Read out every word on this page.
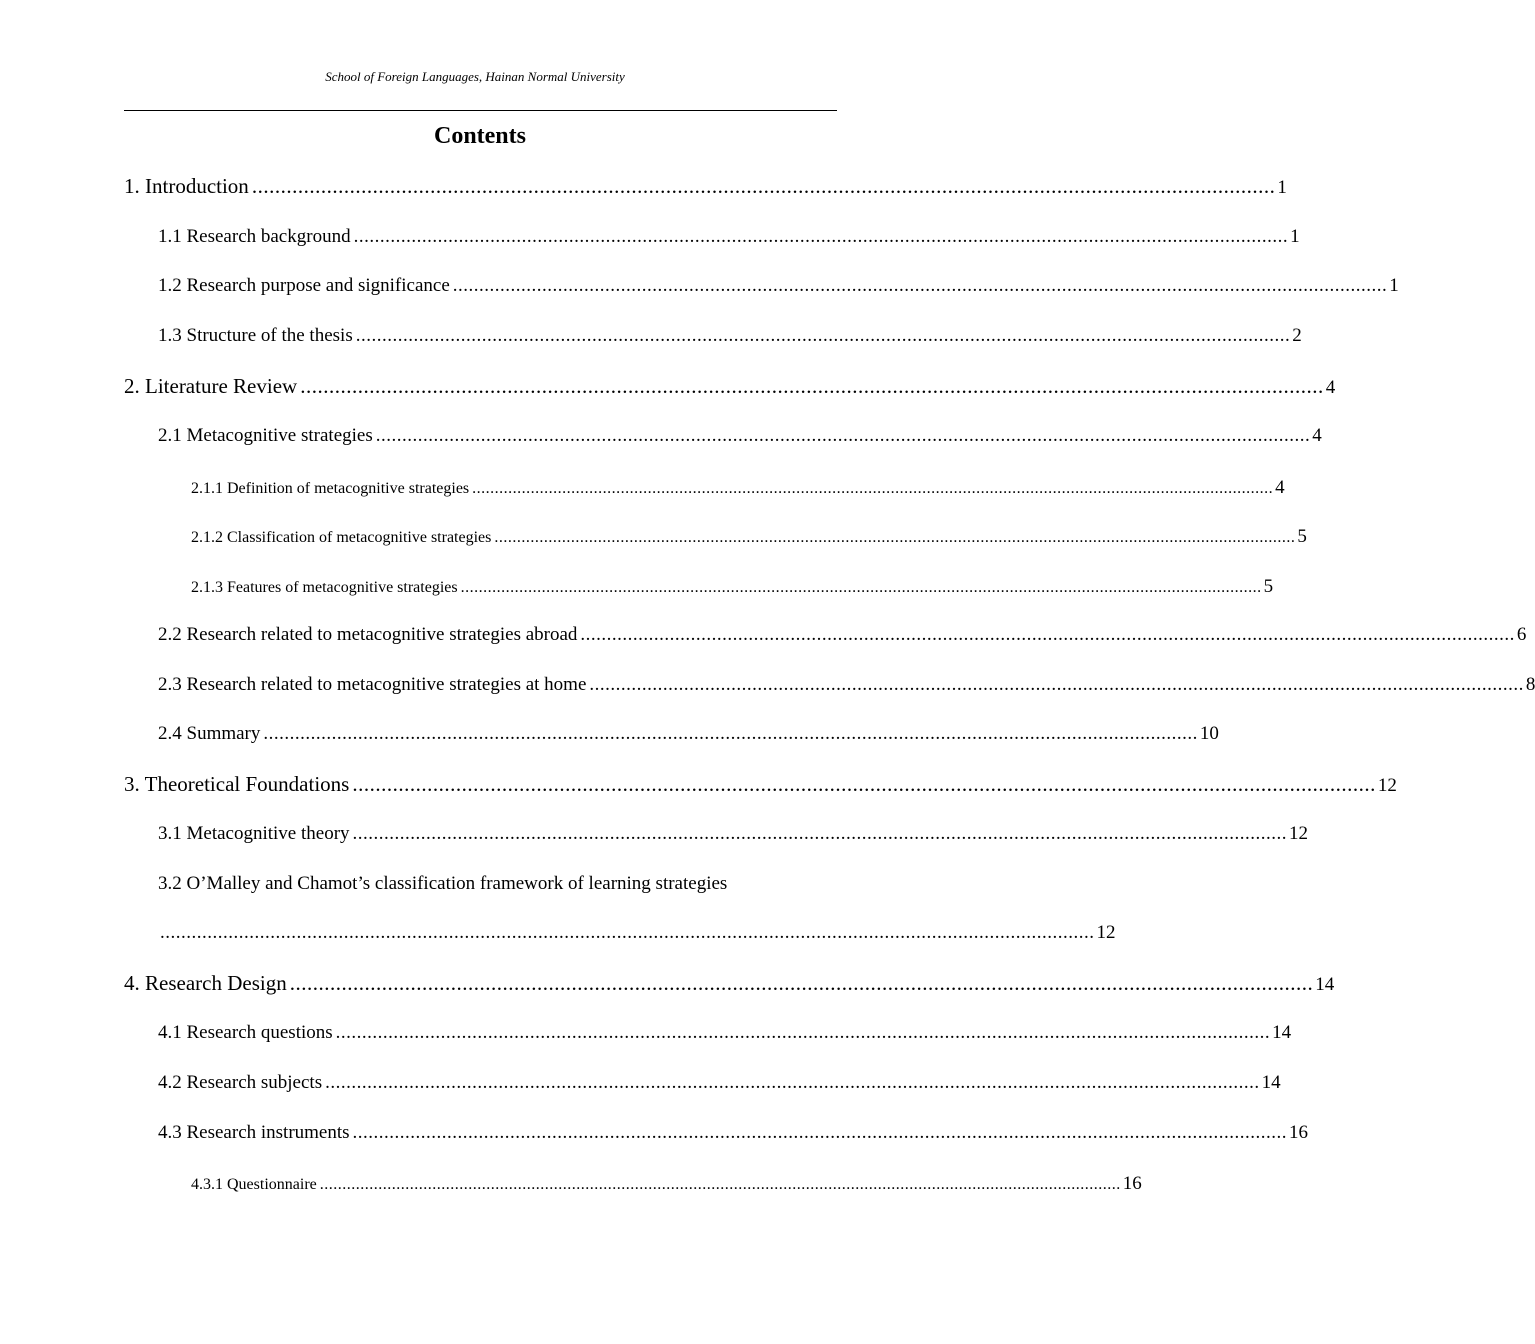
School of Foreign Languages, Hainan Normal University
Contents
1. Introduction .................................................................................................................................................................................. 1
1.1 Research background .................................................................................................................................................................................. 1
1.2 Research purpose and significance .................................................................................................................................................................................. 1
1.3 Structure of the thesis .................................................................................................................................................................................. 2
2. Literature Review .................................................................................................................................................................................. 4
2.1 Metacognitive strategies .................................................................................................................................................................................. 4
2.1.1 Definition of metacognitive strategies .................................................................................................................................................................................. 4
2.1.2 Classification of metacognitive strategies .................................................................................................................................................................................. 5
2.1.3 Features of metacognitive strategies .................................................................................................................................................................................. 5
2.2 Research related to metacognitive strategies abroad .................................................................................................................................................................................. 6
2.3 Research related to metacognitive strategies at home .................................................................................................................................................................................. 8
2.4 Summary .................................................................................................................................................................................. 10
3. Theoretical Foundations .................................................................................................................................................................................. 12
3.1 Metacognitive theory .................................................................................................................................................................................. 12
3.2 O’Malley and Chamot’s classification framework of learning strategies
.................................................................................................................................................................................. 12
4. Research Design .................................................................................................................................................................................. 14
4.1 Research questions .................................................................................................................................................................................. 14
4.2 Research subjects .................................................................................................................................................................................. 14
4.3 Research instruments .................................................................................................................................................................................. 16
4.3.1 Questionnaire .................................................................................................................................................................................. 16
